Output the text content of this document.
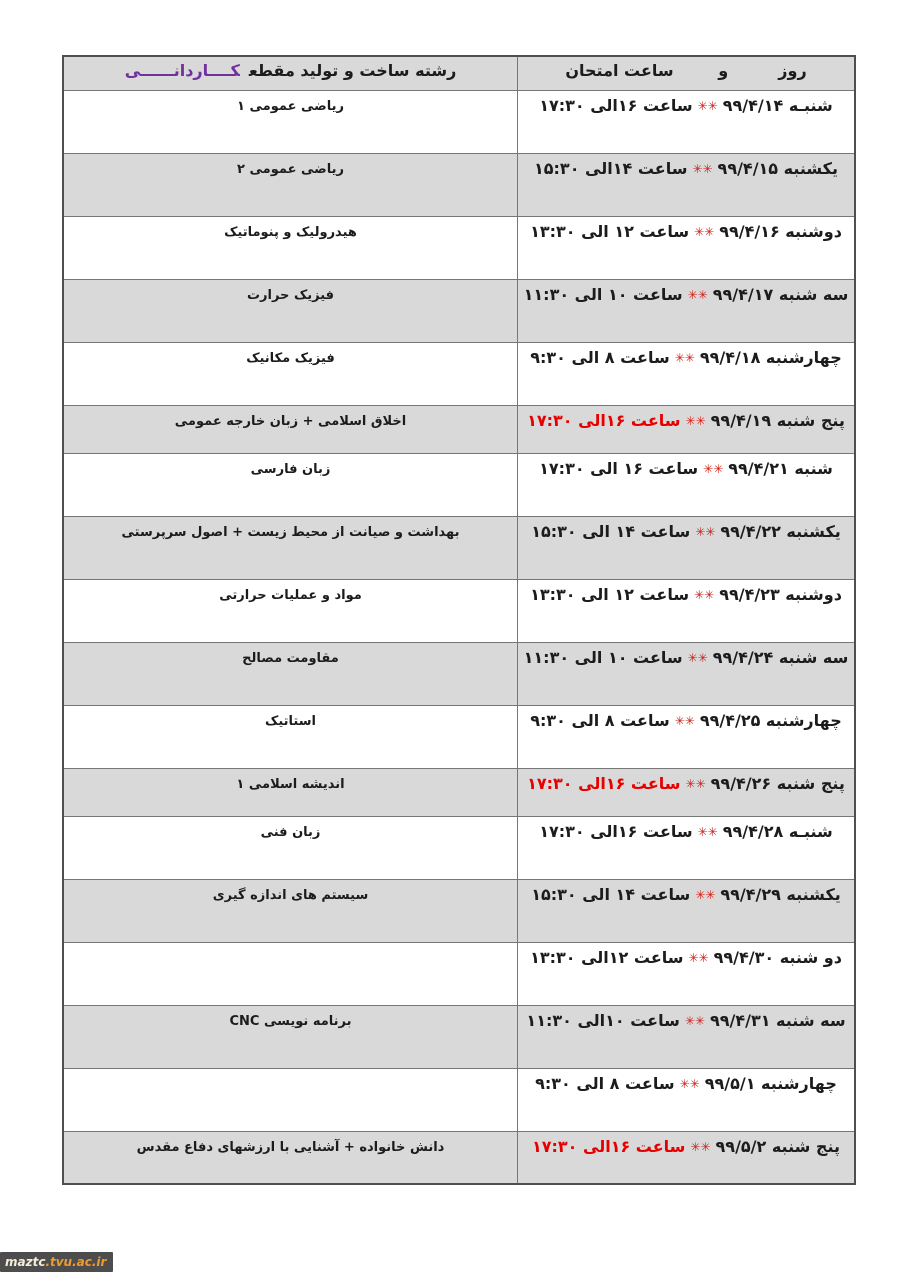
روز         و        ساعت امتحان
رشته ساخت و تولید مقطعکــــاردانــــــی
شنبـه ۹۹/۴/۱۴✳✳ساعت ۱۶الی ۱۷:۳۰
ریاضی عمومی ۱
یکشنبه ۹۹/۴/۱۵✳✳ساعت ۱۴الی ۱۵:۳۰
ریاضی عمومی ۲
دوشنبه ۹۹/۴/۱۶✳✳ساعت ۱۲ الی ۱۳:۳۰
هیدرولیک و پنوماتیک
سه شنبه ۹۹/۴/۱۷✳✳ساعت ۱۰ الی ۱۱:۳۰
فیزیک حرارت
چهارشنبه ۹۹/۴/۱۸✳✳ساعت ۸ الی ۹:۳۰
فیزیک مکانیک
پنج شنبه ۹۹/۴/۱۹✳✳ساعت ۱۶الی ۱۷:۳۰
اخلاق اسلامی + زبان خارجه عمومی
شنبه ۹۹/۴/۲۱✳✳ساعت ۱۶ الی ۱۷:۳۰
زبان فارسی
یکشنبه ۹۹/۴/۲۲✳✳ساعت ۱۴ الی ۱۵:۳۰
بهداشت و صیانت از محیط زیست + اصول سرپرستی
دوشنبه ۹۹/۴/۲۳✳✳ساعت ۱۲ الی ۱۳:۳۰
مواد و عملیات حرارتی
سه شنبه ۹۹/۴/۲۴✳✳ساعت ۱۰ الی ۱۱:۳۰
مقاومت مصالح
چهارشنبه ۹۹/۴/۲۵✳✳ساعت ۸ الی ۹:۳۰
استاتیک
پنج شنبه ۹۹/۴/۲۶✳✳ساعت ۱۶الی ۱۷:۳۰
اندیشه اسلامی ۱
شنبـه ۹۹/۴/۲۸✳✳ساعت ۱۶الی ۱۷:۳۰
زبان فنی
یکشنبه ۹۹/۴/۲۹✳✳ساعت ۱۴ الی ۱۵:۳۰
سیستم های اندازه گیری
دو شنبه ۹۹/۴/۳۰✳✳ساعت ۱۲الی ۱۳:۳۰
سه شنبه ۹۹/۴/۳۱✳✳ساعت ۱۰الی ۱۱:۳۰
برنامه نویسی CNC
چهارشنبه ۹۹/۵/۱✳✳ساعت ۸ الی ۹:۳۰
پنج شنبه ۹۹/۵/۲✳✳ساعت ۱۶الی ۱۷:۳۰
دانش خانواده + آشنایی با ارزشهای دفاع مقدس
maztc .tvu.ac.ir
